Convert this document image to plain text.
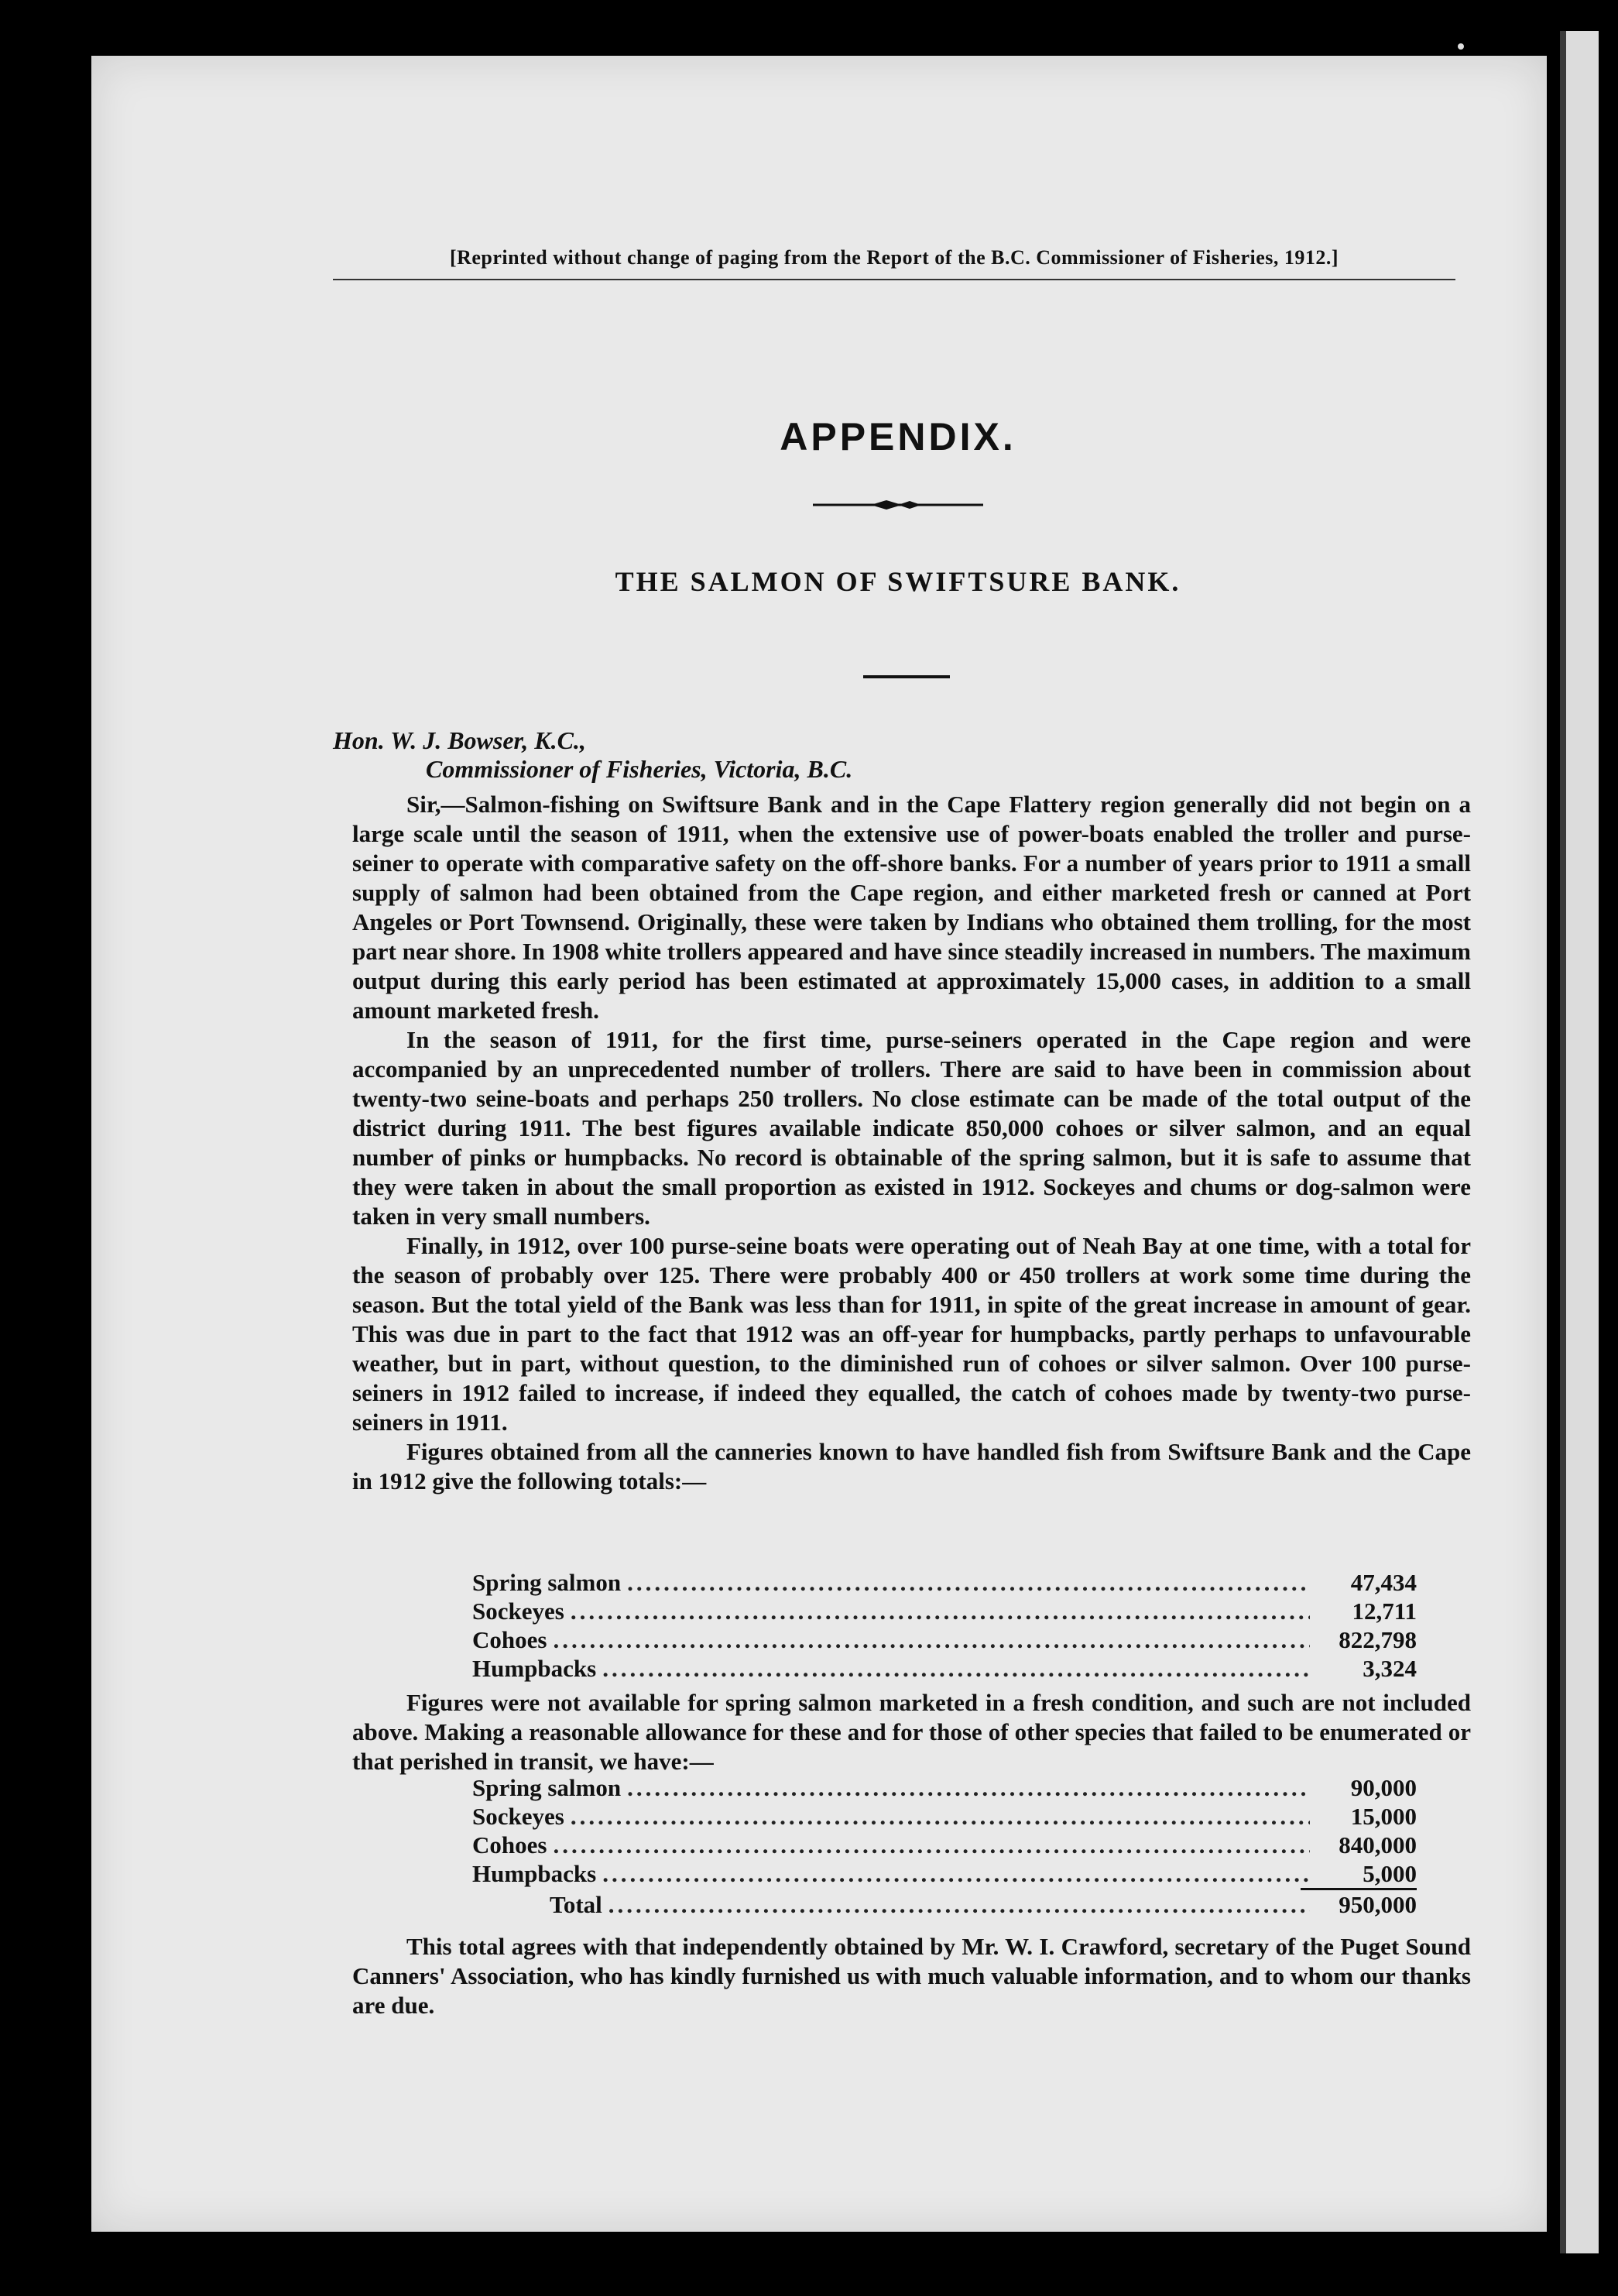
[Reprinted without change of paging from the Report of the B.C. Commissioner of Fisheries, 1912.]
APPENDIX.
THE SALMON OF SWIFTSURE BANK.
Hon. W. J. Bowser, K.C.,
Commissioner of Fisheries, Victoria, B.C.

Sir,—Salmon-fishing on Swiftsure Bank and in the Cape Flattery region generally did not begin on a large scale until the season of 1911, when the extensive use of power-boats enabled the troller and purse-seiner to operate with comparative safety on the off-shore banks. For a number of years prior to 1911 a small supply of salmon had been obtained from the Cape region, and either marketed fresh or canned at Port Angeles or Port Townsend. Originally, these were taken by Indians who obtained them trolling, for the most part near shore. In 1908 white trollers appeared and have since steadily increased in numbers. The maximum output during this early period has been estimated at approximately 15,000 cases, in addition to a small amount marketed fresh.

In the season of 1911, for the first time, purse-seiners operated in the Cape region and were accompanied by an unprecedented number of trollers. There are said to have been in commission about twenty-two seine-boats and perhaps 250 trollers. No close estimate can be made of the total output of the district during 1911. The best figures available indicate 850,000 cohoes or silver salmon, and an equal number of pinks or humpbacks. No record is obtainable of the spring salmon, but it is safe to assume that they were taken in about the small proportion as existed in 1912. Sockeyes and chums or dog-salmon were taken in very small numbers.

Finally, in 1912, over 100 purse-seine boats were operating out of Neah Bay at one time, with a total for the season of probably over 125. There were probably 400 or 450 trollers at work some time during the season. But the total yield of the Bank was less than for 1911, in spite of the great increase in amount of gear. This was due in part to the fact that 1912 was an off-year for humpbacks, partly perhaps to unfavourable weather, but in part, without question, to the diminished run of cohoes or silver salmon. Over 100 purse-seiners in 1912 failed to increase, if indeed they equalled, the catch of cohoes made by twenty-two purse-seiners in 1911.

Figures obtained from all the canneries known to have handled fish from Swiftsure Bank and the Cape in 1912 give the following totals:—

Spring salmon .....	47,434
Sockeyes .....	12,711
Cohoes .....	822,798
Humpbacks .....	3,324

Figures were not available for spring salmon marketed in a fresh condition, and such are not included above. Making a reasonable allowance for these and for those of other species that failed to be enumerated or that perished in transit, we have:—

Spring salmon .....	90,000
Sockeyes .....	15,000
Cohoes .....	840,000
Humpbacks .....	5,000
Total .....	950,000

This total agrees with that independently obtained by Mr. W. I. Crawford, secretary of the Puget Sound Canners' Association, who has kindly furnished us with much valuable information, and to whom our thanks are due.
